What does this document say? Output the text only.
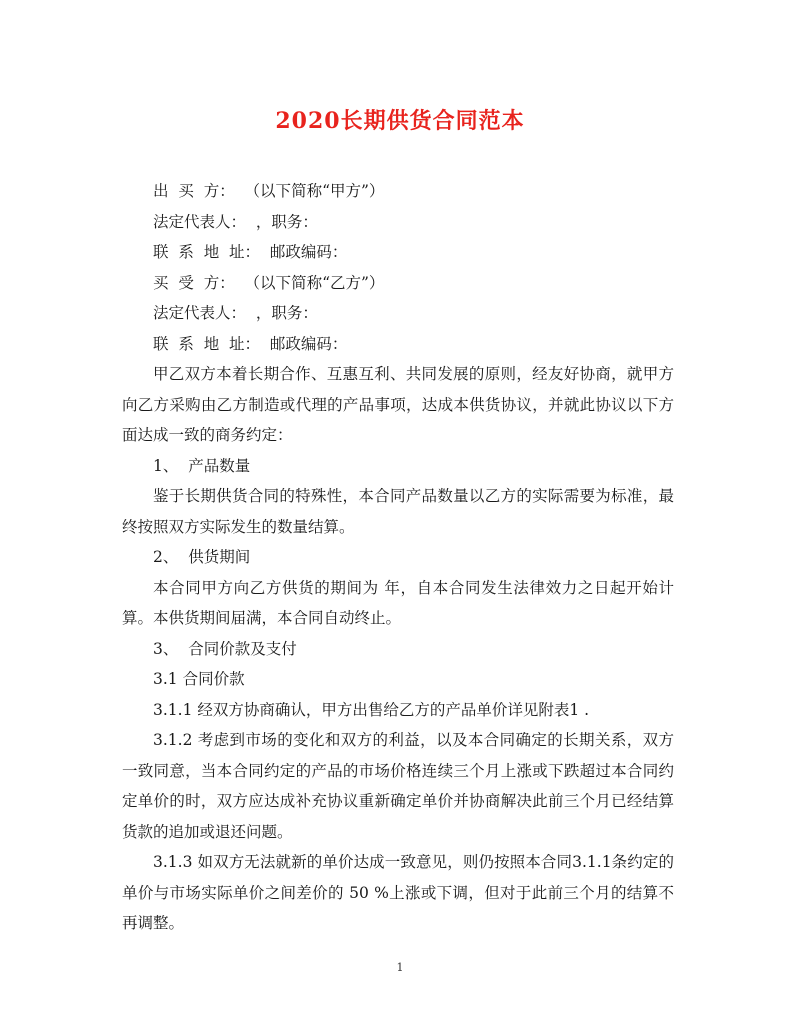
2020长期供货合同范本

出  买  方：  （以下简称“甲方”）

法定代表人：  ，职务：

联  系  地  址：  邮政编码：

买  受  方：  （以下简称“乙方”）

法定代表人：  ，职务：

联  系  地  址：  邮政编码：

甲乙双方本着长期合作、互惠互利、共同发展的原则，经友好协商，就甲方向乙方采购由乙方制造或代理的产品事项，达成本供货协议，并就此协议以下方面达成一致的商务约定：

1、  产品数量

鉴于长期供货合同的特殊性，本合同产品数量以乙方的实际需要为标准，最终按照双方实际发生的数量结算。

2、  供货期间

本合同甲方向乙方供货的期间为 年，自本合同发生法律效力之日起开始计算。本供货期间届满，本合同自动终止。

3、  合同价款及支付

3.1 合同价款

3.1.1 经双方协商确认，甲方出售给乙方的产品单价详见附表1 .

3.1.2 考虑到市场的变化和双方的利益，以及本合同确定的长期关系，双方一致同意，当本合同约定的产品的市场价格连续三个月上涨或下跌超过本合同约定单价的时，双方应达成补充协议重新确定单价并协商解决此前三个月已经结算货款的追加或退还问题。

3.1.3 如双方无法就新的单价达成一致意见，则仍按照本合同3.1.1条约定的单价与市场实际单价之间差价的 50 %上涨或下调，但对于此前三个月的结算不再调整。

1
